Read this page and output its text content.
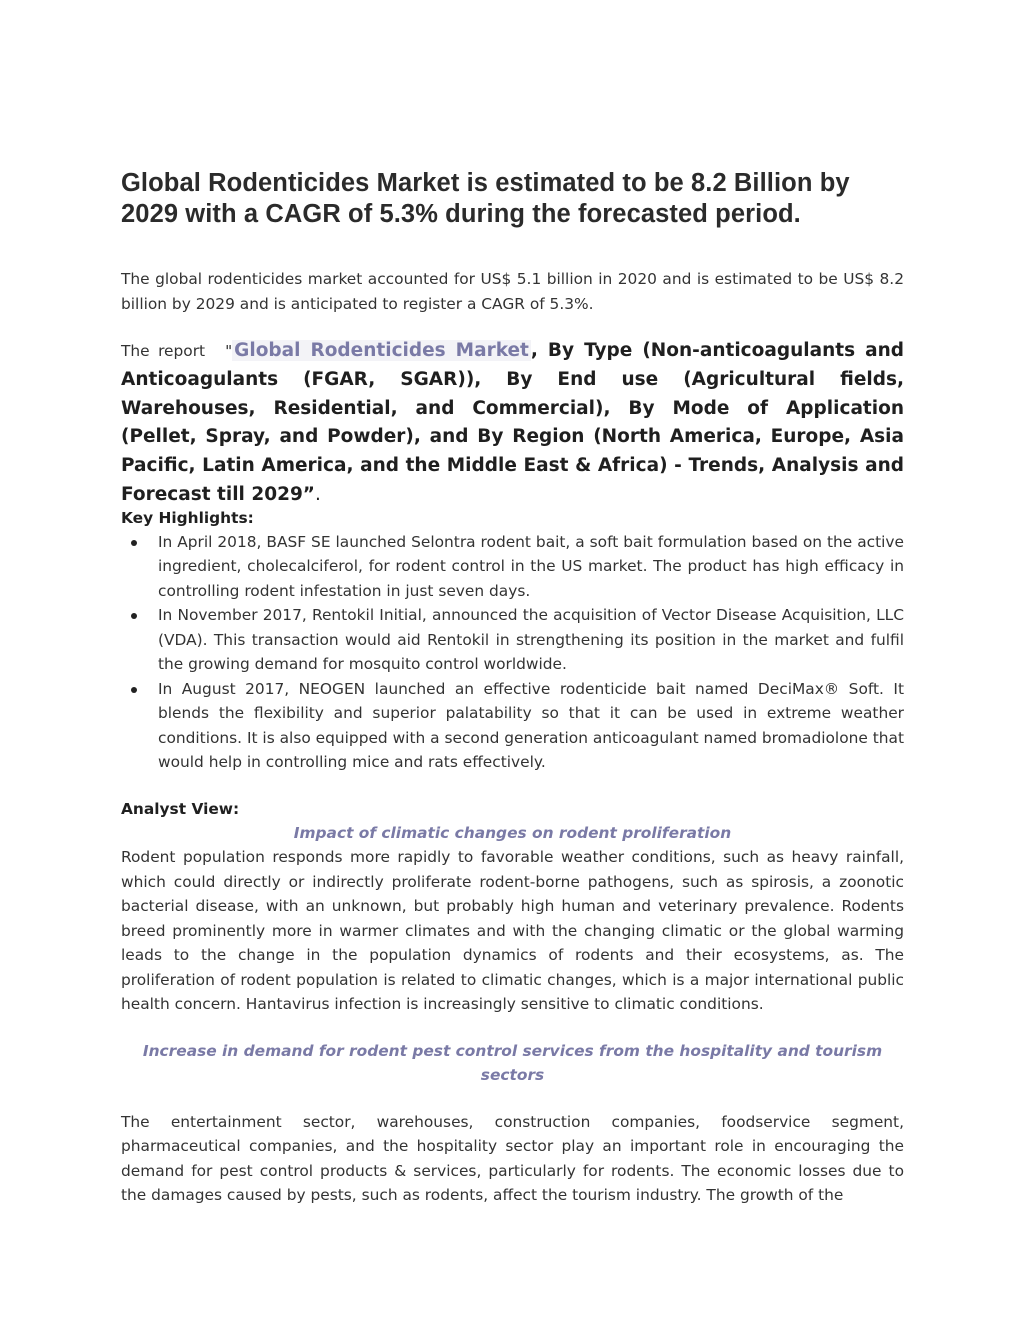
Global Rodenticides Market is estimated to be 8.2 Billion by 2029 with a CAGR of 5.3% during the forecasted period.

The global rodenticides market accounted for US$ 5.1 billion in 2020 and is estimated to be US$ 8.2 billion by 2029 and is anticipated to register a CAGR of 5.3%.

The report " Global Rodenticides Market , By Type (Non-anticoagulants and Anticoagulants (FGAR, SGAR)), By End use (Agricultural fields, Warehouses, Residential, and Commercial), By Mode of Application (Pellet, Spray, and Powder), and By Region (North America, Europe, Asia Pacific, Latin America, and the Middle East & Africa) - Trends, Analysis and Forecast till 2029”.

Key Highlights:
In April 2018, BASF SE launched Selontra rodent bait, a soft bait formulation based on the active ingredient, cholecalciferol, for rodent control in the US market. The product has high efficacy in controlling rodent infestation in just seven days.
In November 2017, Rentokil Initial, announced the acquisition of Vector Disease Acquisition, LLC (VDA). This transaction would aid Rentokil in strengthening its position in the market and fulfil the growing demand for mosquito control worldwide.
In August 2017, NEOGEN launched an effective rodenticide bait named DeciMax® Soft. It blends the flexibility and superior palatability so that it can be used in extreme weather conditions. It is also equipped with a second generation anticoagulant named bromadiolone that would help in controlling mice and rats effectively.
Analyst View:
Impact of climatic changes on rodent proliferation

Rodent population responds more rapidly to favorable weather conditions, such as heavy rainfall, which could directly or indirectly proliferate rodent-borne pathogens, such as spirosis, a zoonotic bacterial disease, with an unknown, but probably high human and veterinary prevalence. Rodents breed prominently more in warmer climates and with the changing climatic or the global warming leads to the change in the population dynamics of rodents and their ecosystems, as. The proliferation of rodent population is related to climatic changes, which is a major international public health concern. Hantavirus infection is increasingly sensitive to climatic conditions.

Increase in demand for rodent pest control services from the hospitality and tourism sectors

The entertainment sector, warehouses, construction companies, foodservice segment, pharmaceutical companies, and the hospitality sector play an important role in encouraging the demand for pest control products & services, particularly for rodents. The economic losses due to the damages caused by pests, such as rodents, affect the tourism industry. The growth of the
